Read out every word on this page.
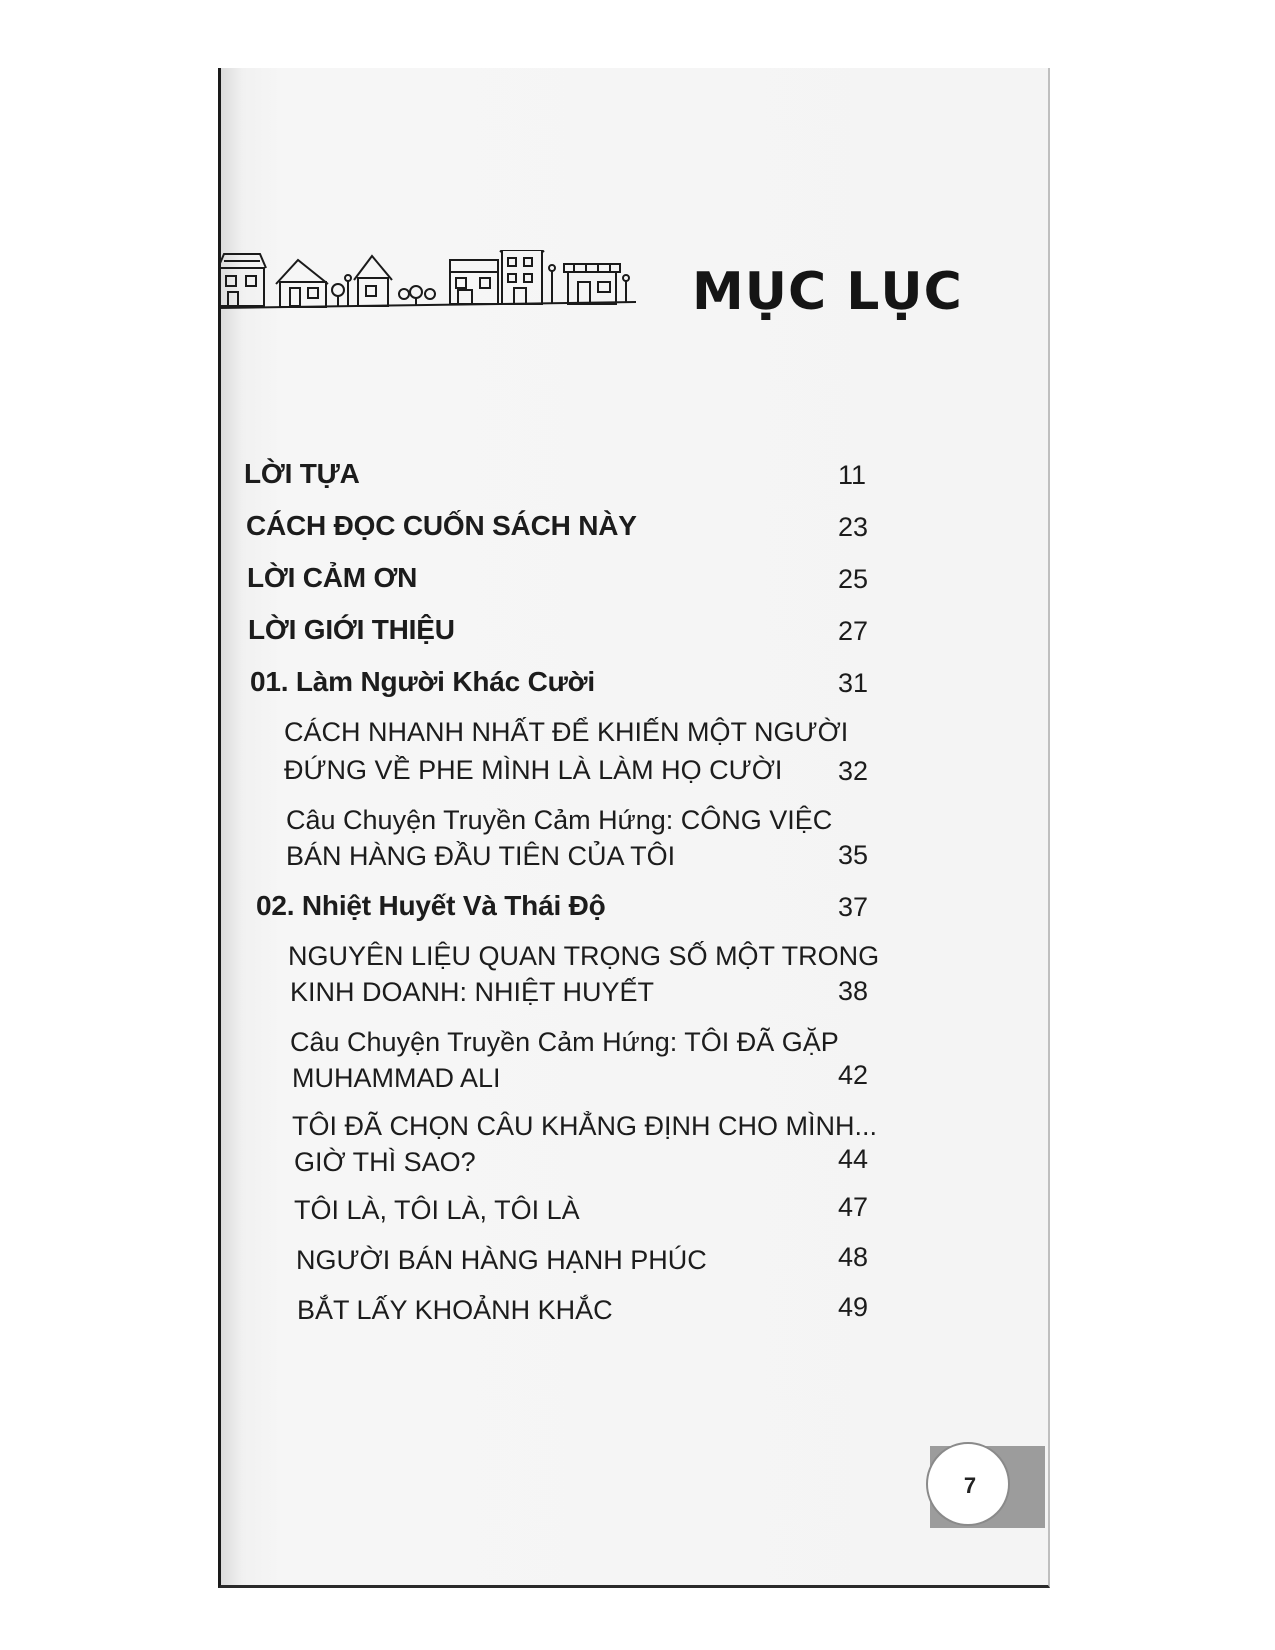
MỤC LỤC
LỜI TỰA	11
CÁCH ĐỌC CUỐN SÁCH NÀY	23
LỜI CẢM ƠN	25
LỜI GIỚI THIỆU	27
01. Làm Người Khác Cười	31
CÁCH NHANH NHẤT ĐỂ KHIẾN MỘT NGƯỜI
ĐỨNG VỀ PHE MÌNH LÀ LÀM HỌ CƯỜI	32
Câu Chuyện Truyền Cảm Hứng: CÔNG VIỆC
BÁN HÀNG ĐẦU TIÊN CỦA TÔI	35
02. Nhiệt Huyết Và Thái Độ	37
NGUYÊN LIỆU QUAN TRỌNG SỐ MỘT TRONG
KINH DOANH: NHIỆT HUYẾT	38
Câu Chuyện Truyền Cảm Hứng: TÔI ĐÃ GẶP
MUHAMMAD ALI	42
TÔI ĐÃ CHỌN CÂU KHẲNG ĐỊNH CHO MÌNH...
GIỜ THÌ SAO?	44
TÔI LÀ, TÔI LÀ, TÔI LÀ	47
NGƯỜI BÁN HÀNG HẠNH PHÚC	48
BẮT LẤY KHOẢNH KHẮC	49
7
